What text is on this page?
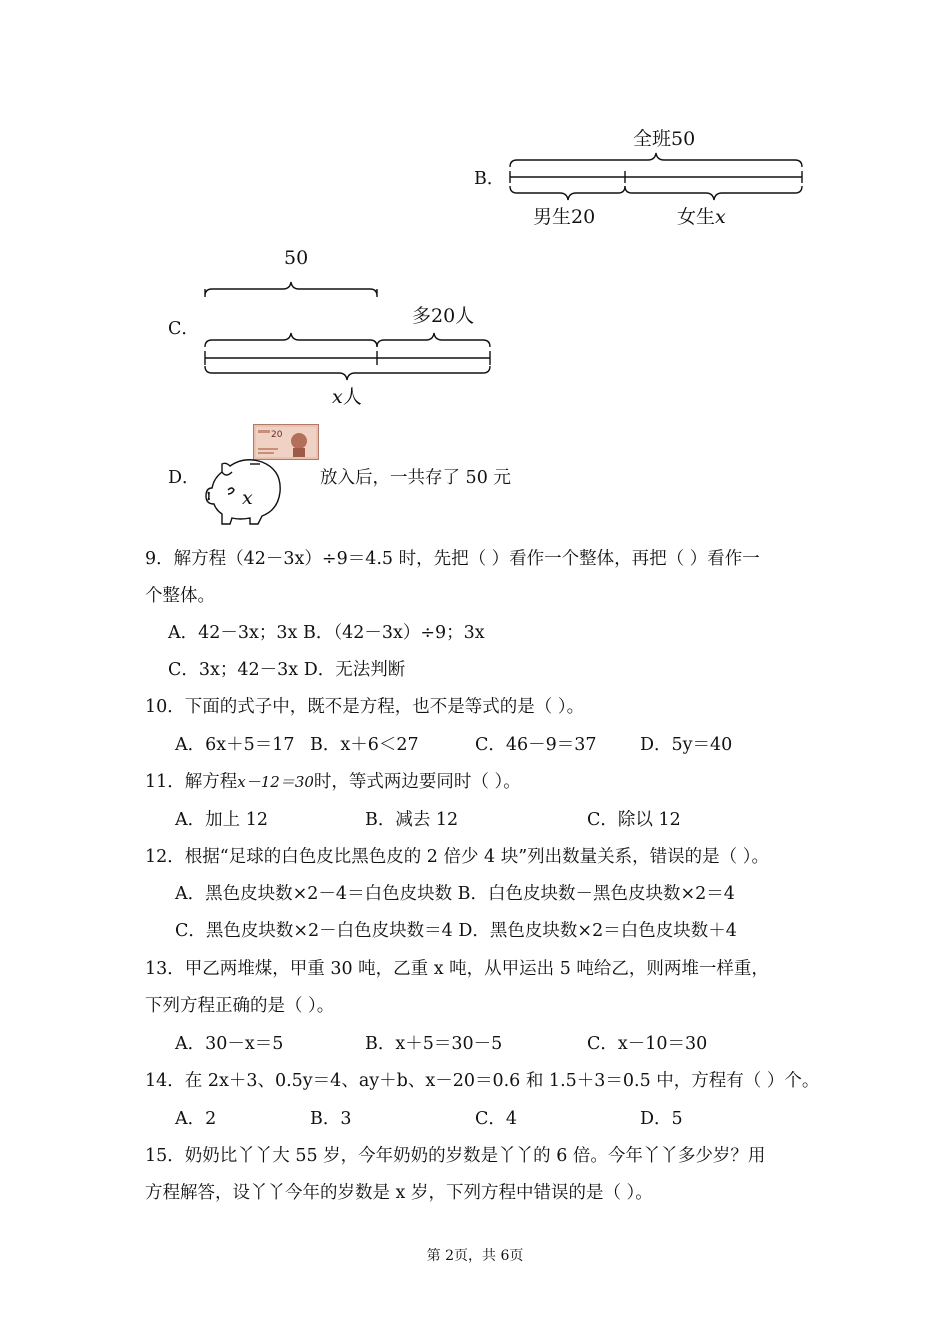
B．
全班50
男生20	女生x
50
C．
多20人
x人
D．
20
x
放入后，一共存了 50 元
9．解方程（42－3x）÷9＝4.5 时，先把（ ）看作一个整体，再把（ ）看作一
个整体。
A．42－3x；3x B．（42－3x）÷9；3x
C．3x；42－3x D．无法判断
10．下面的式子中，既不是方程，也不是等式的是（ ）。
A．6x＋5＝17 B．x＋6＜27	C．46－9＝37 D．5y＝40
11．解方程x－12＝30时，等式两边要同时（ ）。
A．加上 12	B．减去 12	C．除以 12
12．根据“足球的白色皮比黑色皮的 2 倍少 4 块”列出数量关系，错误的是（ ）。
A．黑色皮块数×2－4＝白色皮块数 B．白色皮块数－黑色皮块数×2＝4
C．黑色皮块数×2－白色皮块数＝4 D．黑色皮块数×2＝白色皮块数＋4
13．甲乙两堆煤，甲重 30 吨，乙重 x 吨，从甲运出 5 吨给乙，则两堆一样重，
下列方程正确的是（ ）。
A．30－x＝5	B．x＋5＝30－5	C．x－10＝30
14．在 2x＋3、0.5y＝4、ay＋b、x－20＝0.6 和 1.5＋3＝0.5 中，方程有（ ）个。
A．2	B．3	C．4	D．5
15．奶奶比丫丫大 55 岁，今年奶奶的岁数是丫丫的 6 倍。今年丫丫多少岁？用
方程解答，设丫丫今年的岁数是 x 岁，下列方程中错误的是（ ）。
第 2页，共 6页
